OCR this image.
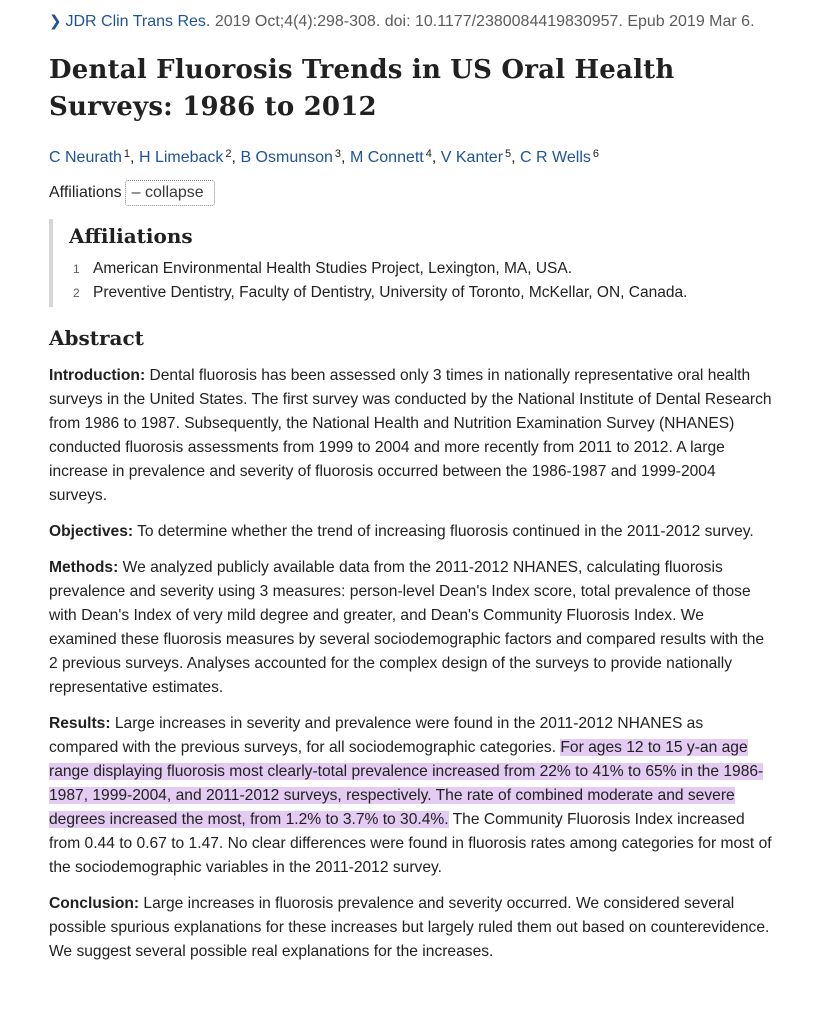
❯ JDR Clin Trans Res. 2019 Oct;4(4):298-308. doi: 10.1177/2380084419830957. Epub 2019 Mar 6.
Dental Fluorosis Trends in US Oral Health Surveys: 1986 to 2012
C Neurath $^1$, H Limeback $^2$, B Osmunson $^3$, M Connett $^4$, V Kanter $^5$, C R Wells $^6$
Affiliations – collapse
Affiliations
1 American Environmental Health Studies Project, Lexington, MA, USA.
2 Preventive Dentistry, Faculty of Dentistry, University of Toronto, McKellar, ON, Canada.
Abstract

Introduction: Dental fluorosis has been assessed only 3 times in nationally representative oral health surveys in the United States. The first survey was conducted by the National Institute of Dental Research from 1986 to 1987. Subsequently, the National Health and Nutrition Examination Survey (NHANES) conducted fluorosis assessments from 1999 to 2004 and more recently from 2011 to 2012. A large increase in prevalence and severity of fluorosis occurred between the 1986-1987 and 1999-2004 surveys.

Objectives: To determine whether the trend of increasing fluorosis continued in the 2011-2012 survey.

Methods: We analyzed publicly available data from the 2011-2012 NHANES, calculating fluorosis prevalence and severity using 3 measures: person-level Dean's Index score, total prevalence of those with Dean's Index of very mild degree and greater, and Dean's Community Fluorosis Index. We examined these fluorosis measures by several sociodemographic factors and compared results with the 2 previous surveys. Analyses accounted for the complex design of the surveys to provide nationally representative estimates.

Results: Large increases in severity and prevalence were found in the 2011-2012 NHANES as compared with the previous surveys, for all sociodemographic categories. For ages 12 to 15 y-an age range displaying fluorosis most clearly-total prevalence increased from 22% to 41% to 65% in the 1986-1987, 1999-2004, and 2011-2012 surveys, respectively. The rate of combined moderate and severe degrees increased the most, from 1.2% to 3.7% to 30.4%. The Community Fluorosis Index increased from 0.44 to 0.67 to 1.47. No clear differences were found in fluorosis rates among categories for most of the sociodemographic variables in the 2011-2012 survey.

Conclusion: Large increases in fluorosis prevalence and severity occurred. We considered several possible spurious explanations for these increases but largely ruled them out based on counterevidence. We suggest several possible real explanations for the increases.
